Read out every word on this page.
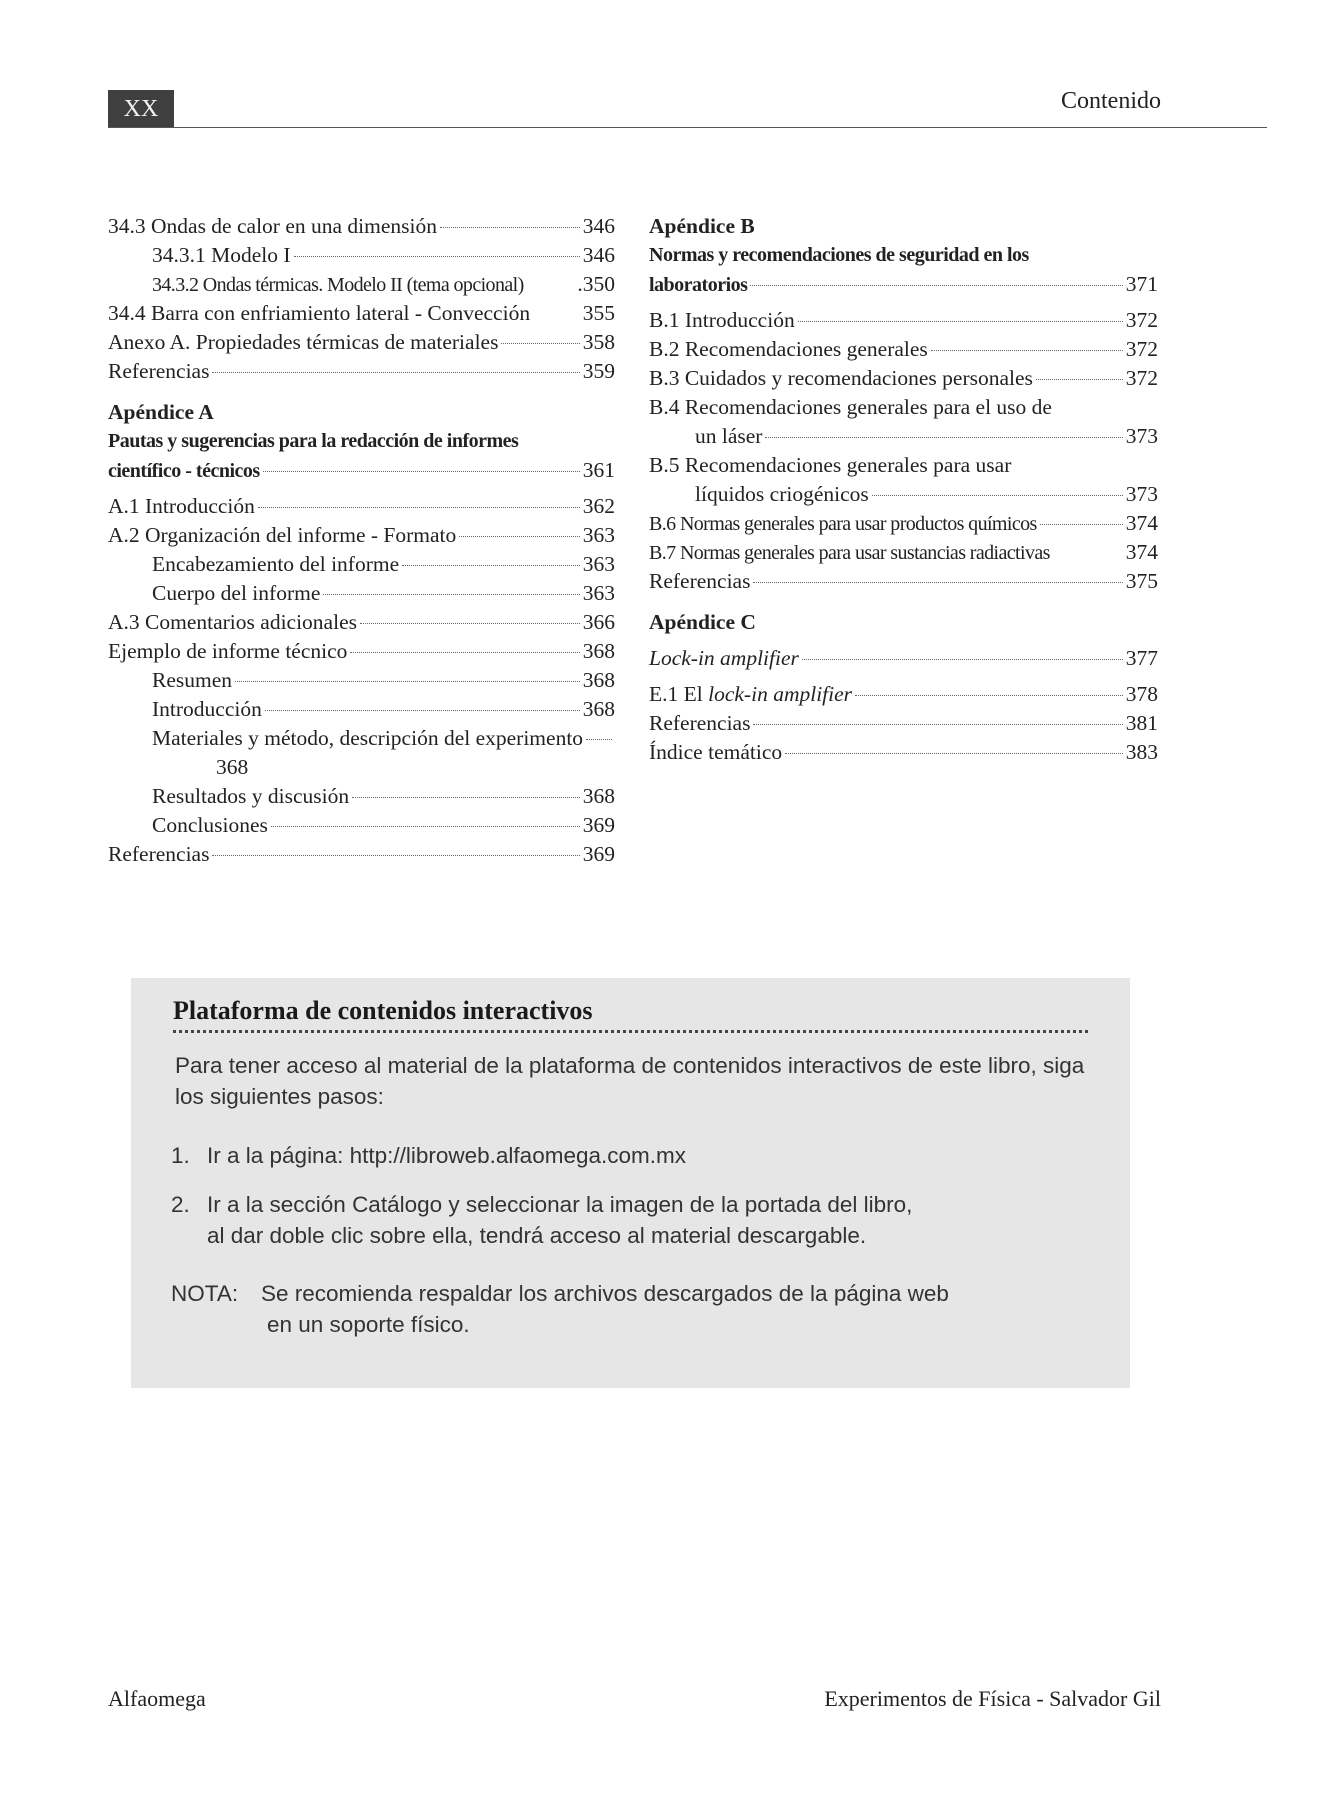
XX	Contenido
34.3 Ondas de calor en una dimensión	346
34.3.1 Modelo I	346
34.3.2 Ondas térmicas. Modelo II (tema opcional) .350
34.4 Barra con enfriamiento lateral - Convección 355
Anexo A. Propiedades térmicas de materiales	358
Referencias	359
Apéndice A
Pautas y sugerencias para la redacción de informes
científico - técnicos	361
A.1 Introducción	362
A.2 Organización del informe - Formato	363
Encabezamiento del informe	363
Cuerpo del informe	363
A.3 Comentarios adicionales	366
Ejemplo de informe técnico	368
Resumen	368
Introducción	368
Materiales y método, descripción del experimento
368
Resultados y discusión	368
Conclusiones	369
Referencias	369
Apéndice B
Normas y recomendaciones de seguridad en los
laboratorios	371
B.1 Introducción	372
B.2 Recomendaciones generales	372
B.3 Cuidados y recomendaciones personales	372
B.4 Recomendaciones generales para el uso de
un láser	373
B.5 Recomendaciones generales para usar
líquidos criogénicos	373
B.6 Normas generales para usar productos químicos	374
B.7 Normas generales para usar sustancias radiactivas	374
Referencias	375
Apéndice C
Lock-in amplifier	377
E.1 El lock-in amplifier	378
Referencias	381
Índice temático	383
Plataforma de contenidos interactivos
Para tener acceso al material de la plataforma de contenidos interactivos de este libro, siga los siguientes pasos:
1. Ir a la página: http://libroweb.alfaomega.com.mx
2. Ir a la sección Catálogo y seleccionar la imagen de la portada del libro,
al dar doble clic sobre ella, tendrá acceso al material descargable.
NOTA:	Se recomienda respaldar los archivos descargados de la página web
en un soporte físico.
Alfaomega	Experimentos de Física - Salvador Gil
